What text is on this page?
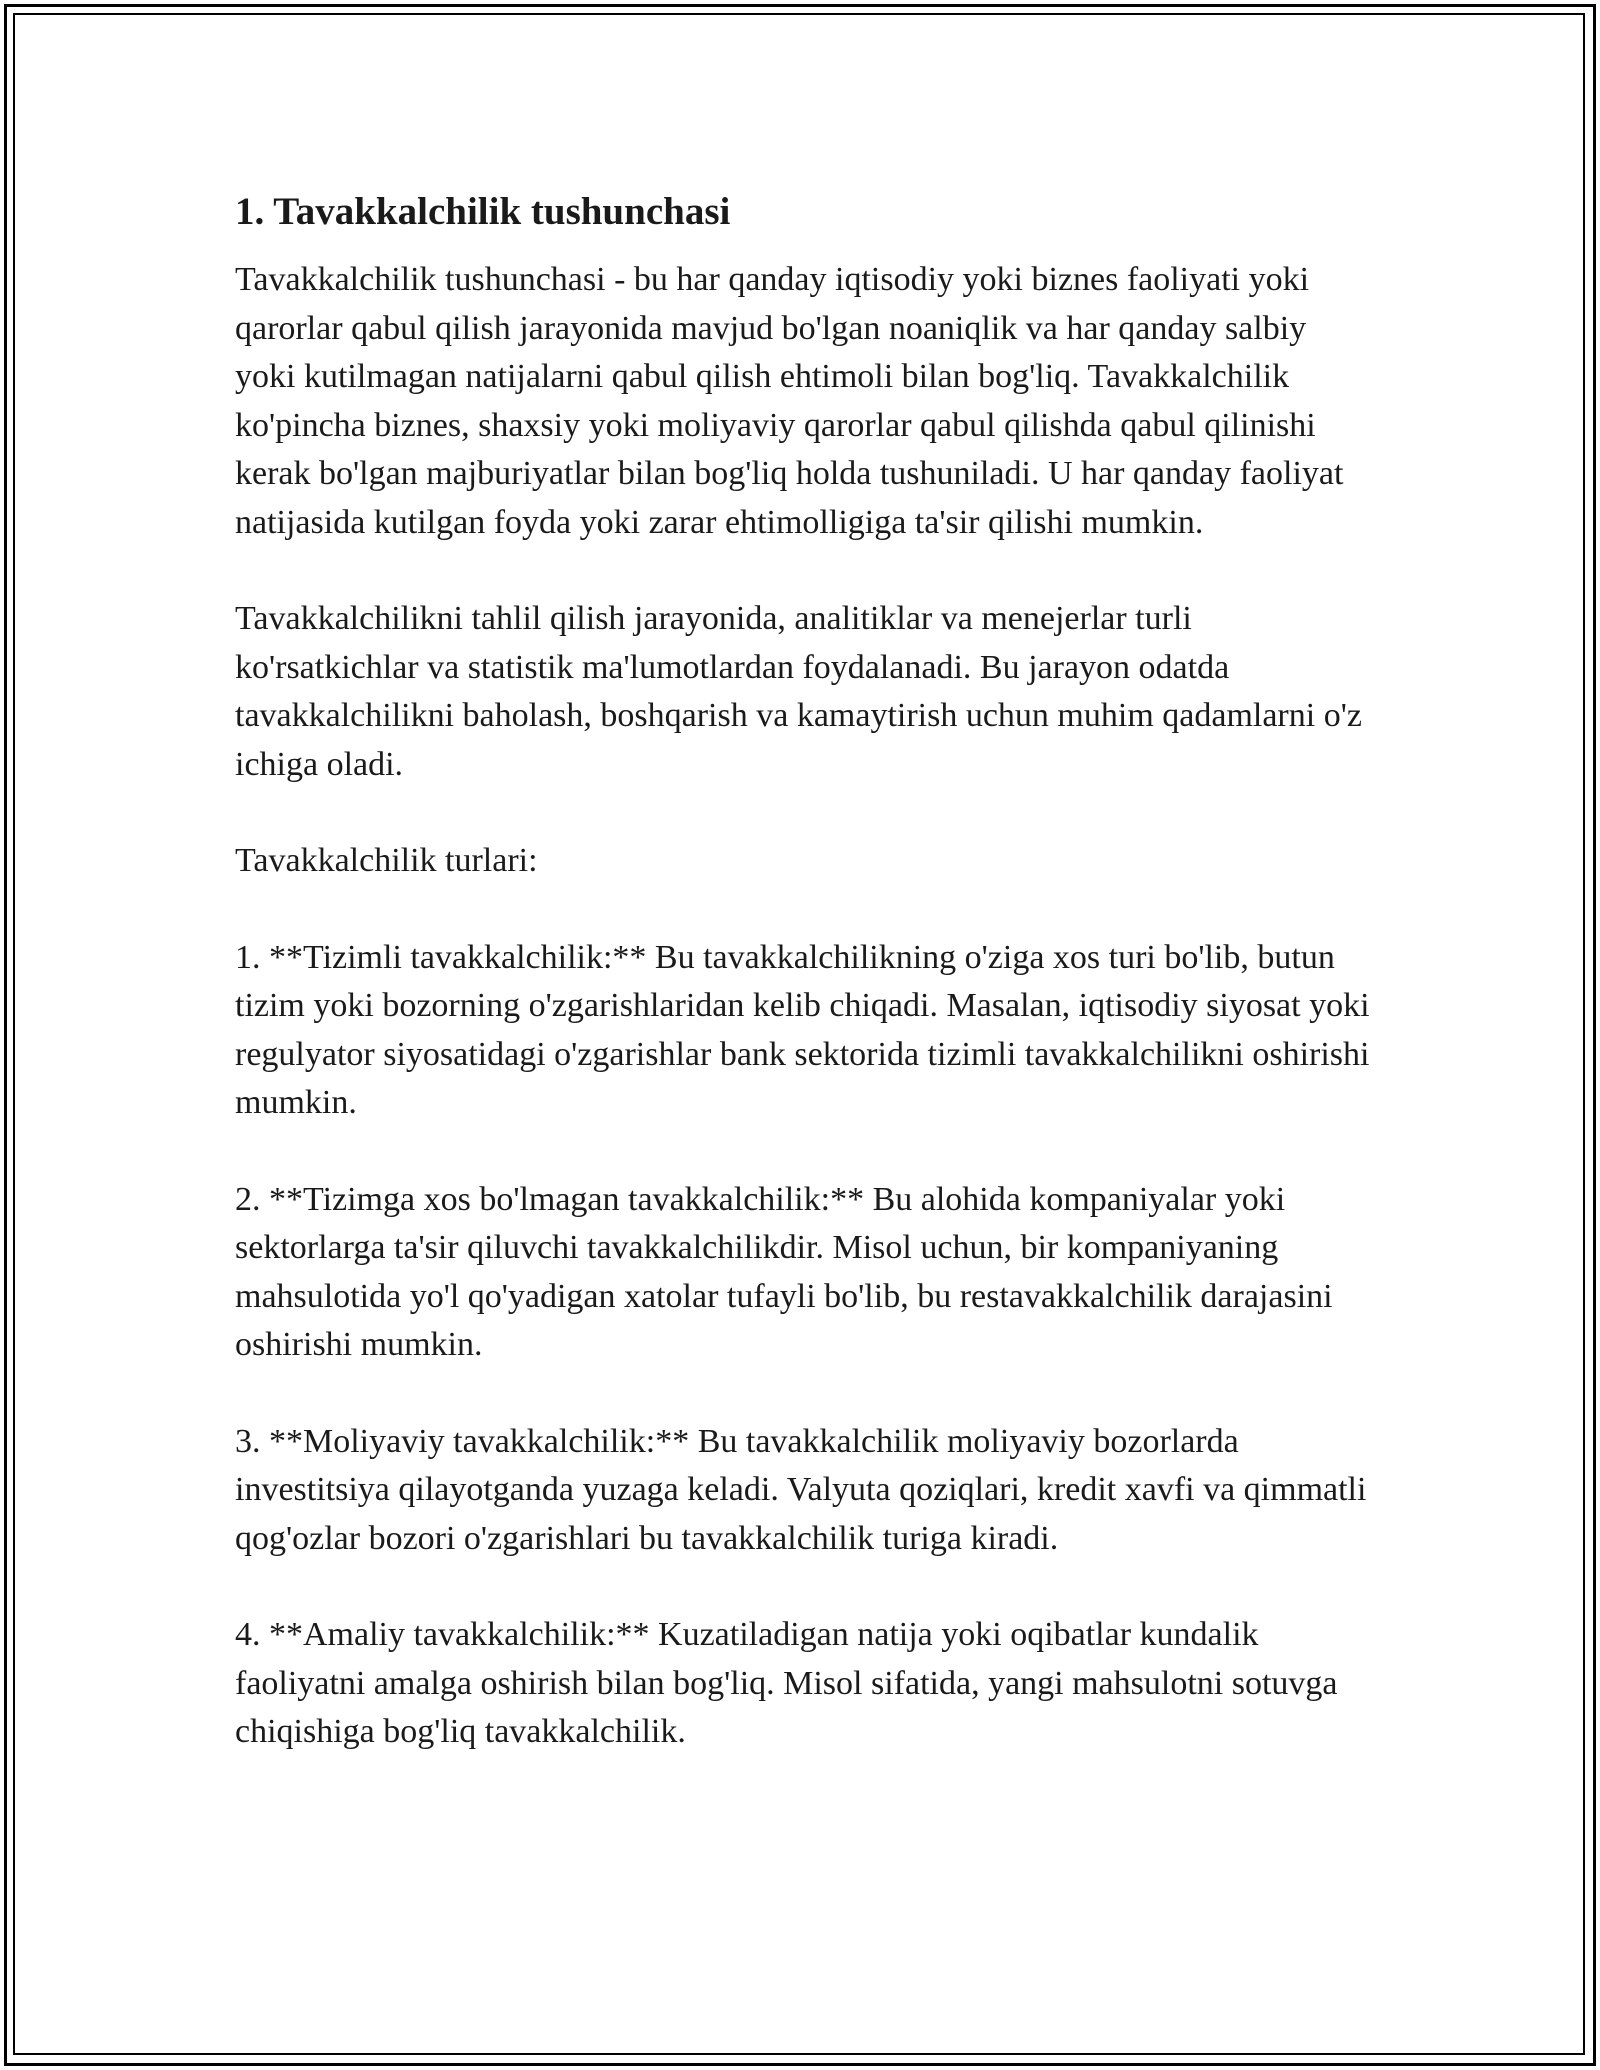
1. Tavakkalchilik tushunchasi

Tavakkalchilik tushunchasi - bu har qanday iqtisodiy yoki biznes faoliyati yoki qarorlar qabul qilish jarayonida mavjud bo'lgan noaniqlik va har qanday salbiy yoki kutilmagan natijalarni qabul qilish ehtimoli bilan bog'liq. Tavakkalchilik ko'pincha biznes, shaxsiy yoki moliyaviy qarorlar qabul qilishda qabul qilinishi kerak bo'lgan majburiyatlar bilan bog'liq holda tushuniladi. U har qanday faoliyat natijasida kutilgan foyda yoki zarar ehtimolligiga ta'sir qilishi mumkin.

Tavakkalchilikni tahlil qilish jarayonida, analitiklar va menejerlar turli ko'rsatkichlar va statistik ma'lumotlardan foydalanadi. Bu jarayon odatda tavakkalchilikni baholash, boshqarish va kamaytirish uchun muhim qadamlarni o'z ichiga oladi.

Tavakkalchilik turlari:

1. **Tizimli tavakkalchilik:** Bu tavakkalchilikning o'ziga xos turi bo'lib, butun tizim yoki bozorning o'zgarishlaridan kelib chiqadi. Masalan, iqtisodiy siyosat yoki regulyator siyosatidagi o'zgarishlar bank sektorida tizimli tavakkalchilikni oshirishi mumkin.

2. **Tizimga xos bo'lmagan tavakkalchilik:** Bu alohida kompaniyalar yoki sektorlarga ta'sir qiluvchi tavakkalchilikdir. Misol uchun, bir kompaniyaning mahsulotida yo'l qo'yadigan xatolar tufayli bo'lib, bu restavakkalchilik darajasini oshirishi mumkin.

3. **Moliyaviy tavakkalchilik:** Bu tavakkalchilik moliyaviy bozorlarda investitsiya qilayotganda yuzaga keladi. Valyuta qoziqlari, kredit xavfi va qimmatli qog'ozlar bozori o'zgarishlari bu tavakkalchilik turiga kiradi.

4. **Amaliy tavakkalchilik:** Kuzatiladigan natija yoki oqibatlar kundalik faoliyatni amalga oshirish bilan bog'liq. Misol sifatida, yangi mahsulotni sotuvga chiqishiga bog'liq tavakkalchilik.
